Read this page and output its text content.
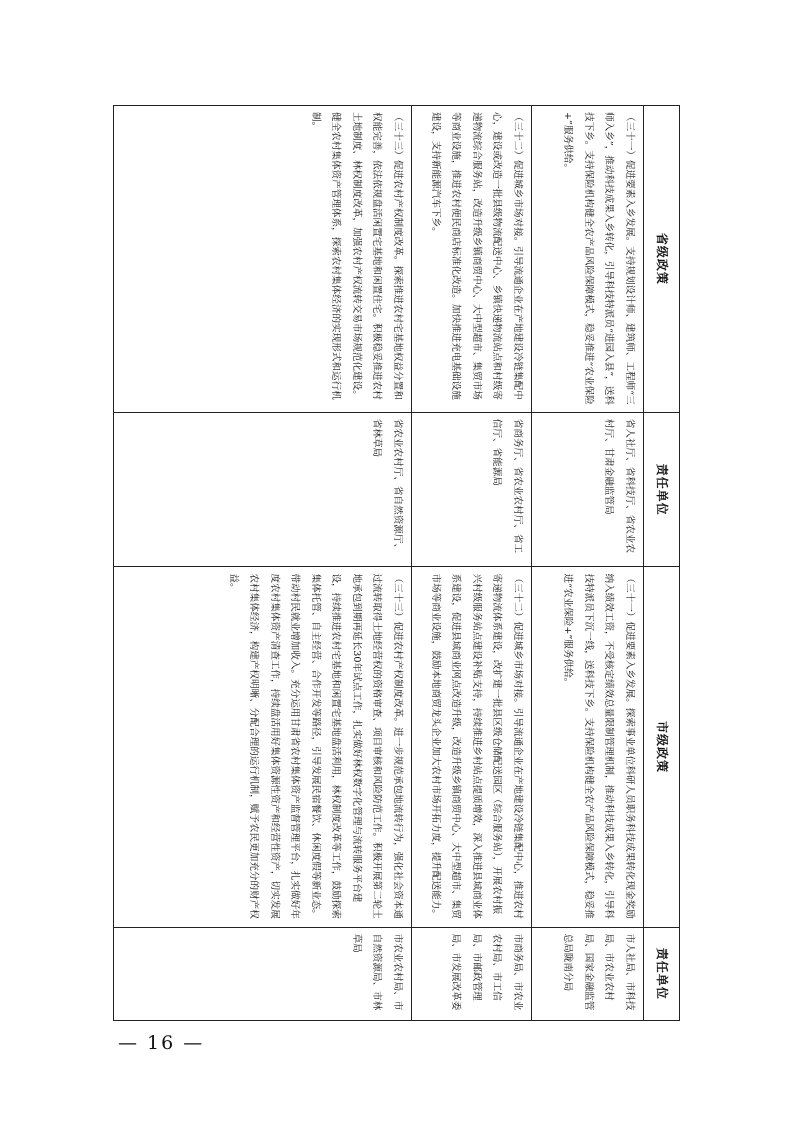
省级政策	责任单位	市级政策	责任单位
（三十一）促进要素入乡发展。支持规划设计师、建筑师、工程师“三师入乡”，推动科技成果入乡转化，引导科技特派员“进园入县”，送科技下乡。支持保险机构健全农产品风险保障模式，稳妥推进“农业保险+”服务供给。	省人社厅、省科技厅、省农业农村厅、甘肃金融监管局	（三十一）促进要素入乡发展。探索事业单位科研人员职务科技成果转化现金奖励纳入绩效工资，不受核定绩效总量限制管理机制，推动科技成果入乡转化，引导科技特派员下沉一线，送科技下乡。支持保险机构健全农产品风险保障模式，稳妥推进“农业保险+”服务供给。	市人社局、市科技局、市农业农村局、国家金融监管总局陇南分局
（三十二）促进城乡市场对接。引导流通企业在产地建设冷链集配中心，建设或改造一批县级物流配送中心、乡镇快递物流站点和村级寄递物流综合服务站，改造升级乡镇商贸中心、大中型超市、集贸市场等商业设施，推进农村便民商店标准化改造。加快推进充电基础设施建设，支持新能源汽车下乡。	省商务厅、省农业农村厅、省工信厅、省能源局	（三十二）促进城乡市场对接。引导流通企业在产地建设冷链集配中心，推进农村寄递物流体系建设，改扩建一批县区级仓储配送园区（综合服务站），开展农村振兴村级服务站点建设补贴支持，持续推进乡村站点提质增效，深入推进县域商业体系建设，促进县域商业网点改造升级，改造升级乡镇商贸中心、大中型超市、集贸市场等商业设施，鼓励本地商贸龙头企业加大农村市场开拓力度，提升配送能力。	市商务局、市农业农村局、市工信局、市邮政管理局、市发展改革委
（三十三）促进农村产权制度改革。探索推进农村宅基地权益分置和权能完善，依法依规盘活闲置宅基地和闲置住宅。积极稳妥推进农村土地制度、林权制度改革，加强农村产权流转交易市场规范化建设。健全农村集体资产管理体系，探索农村集体经济的实现形式和运行机制。	省农业农村厅、省自然资源厅、省林草局	（三十三）促进农村产权制度改革。进一步规范承包地流转行为，强化社会资本通过流转取得土地经营权的资格审查、项目审核和风险防范工作。积极开展第二轮土地承包到期再延长30年试点工作，扎实做好林权数字化管理与流转服务平台建设，持续推进农村宅基地和闲置宅基地盘活利用，林权制度改革等工作，鼓励探索集体托管、自主经营、合作开发等路径，引导发展民宿餐饮、休闲度假等新业态。带动村民就业增加收入。充分运用甘肃省农村集体资产监督管理平台，扎实做好年度农村集体资产清查工作，持续盘活用好集体资源性资产和经营性资产，切实发展农村集体经济，构建产权明晰、分配合理的运行机制，赋予农民更加充分的财产权益。	市农业农村局、市自然资源局、市林草局
— 16 —
